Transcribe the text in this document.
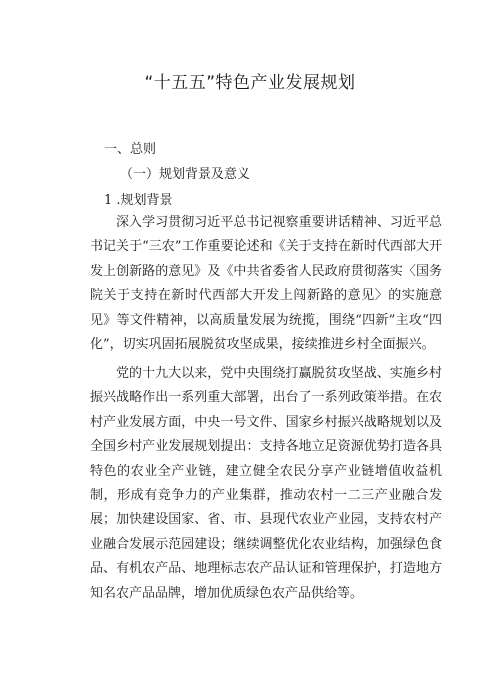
“十五五”特色产业发展规划

一、总则

（一）规划背景及意义

1 .规划背景

深入学习贯彻习近平总书记视察重要讲话精神、习近平总书记关于“三农”工作重要论述和《关于支持在新时代西部大开发上创新路的意见》及《中共省委省人民政府贯彻落实〈国务院关于支持在新时代西部大开发上闯新路的意见〉的实施意见》等文件精神，以高质量发展为统揽，围绕“四新”主攻“四化”，切实巩固拓展脱贫攻坚成果，接续推进乡村全面振兴。

党的十九大以来，党中央围绕打赢脱贫攻坚战、实施乡村振兴战略作出一系列重大部署，出台了一系列政策举措。在农村产业发展方面，中央一号文件、国家乡村振兴战略规划以及全国乡村产业发展规划提出：支持各地立足资源优势打造各具特色的农业全产业链，建立健全农民分享产业链增值收益机制，形成有竞争力的产业集群，推动农村一二三产业融合发展；加快建设国家、省、市、县现代农业产业园，支持农村产业融合发展示范园建设；继续调整优化农业结构，加强绿色食品、有机农产品、地理标志农产品认证和管理保护，打造地方知名农产品品牌，增加优质绿色农产品供给等。
